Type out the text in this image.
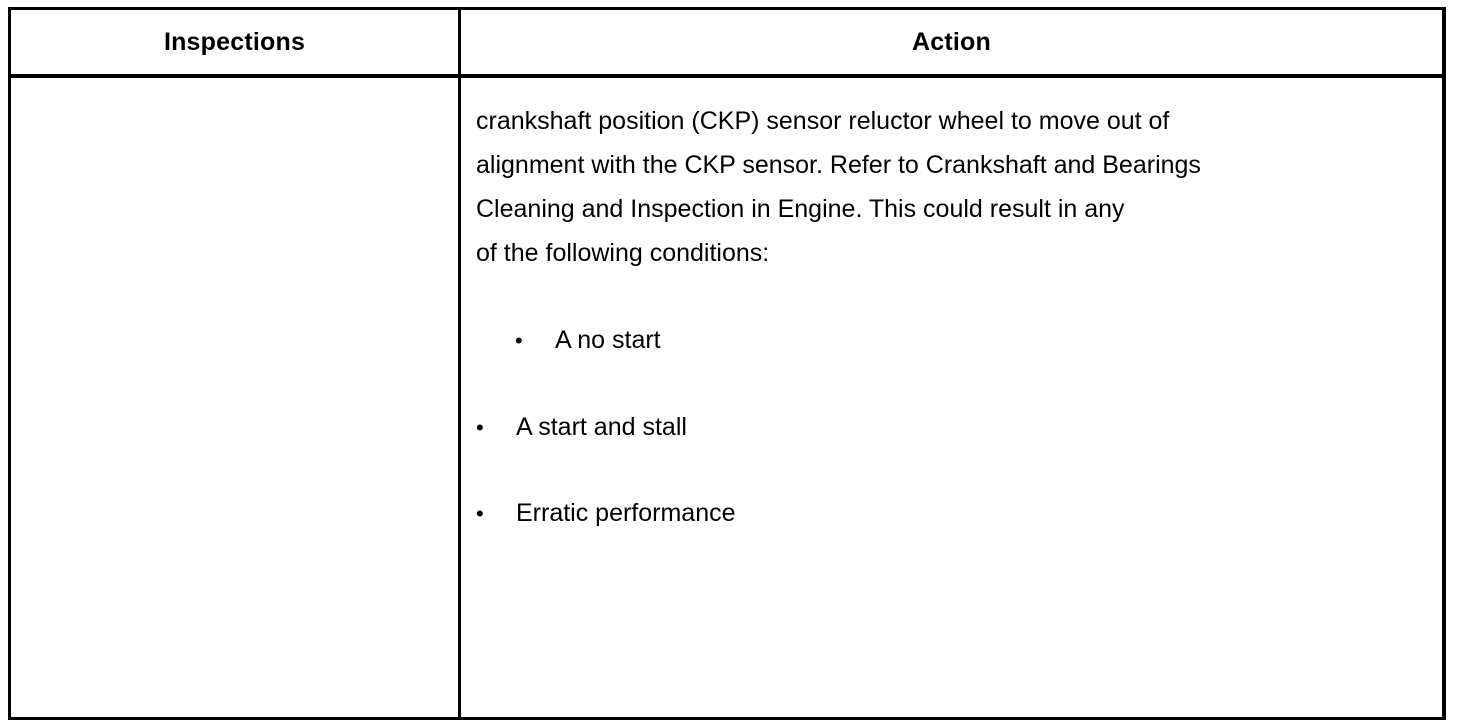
Inspections	Action
crankshaft position (CKP) sensor reluctor wheel to move out of
alignment with the CKP sensor. Refer to Crankshaft and Bearings
Cleaning and Inspection in Engine. This could result in any
of the following conditions:
• A no start
• A start and stall
• Erratic performance
